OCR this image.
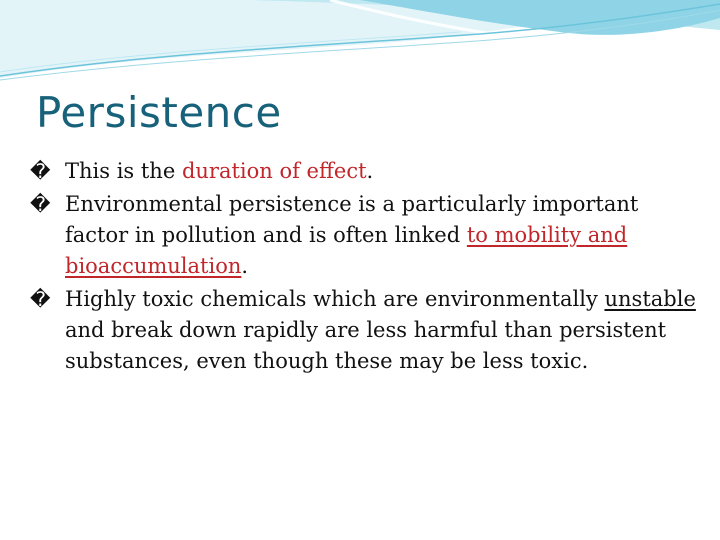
Persistence
� This is the duration of effect.
� Environmental persistence is a particularly important factor in pollution and is often linked to mobility and bioaccumulation.
� Highly toxic chemicals which are environmentally unstable and break down rapidly are less harmful than persistent substances, even though these may be less toxic.
